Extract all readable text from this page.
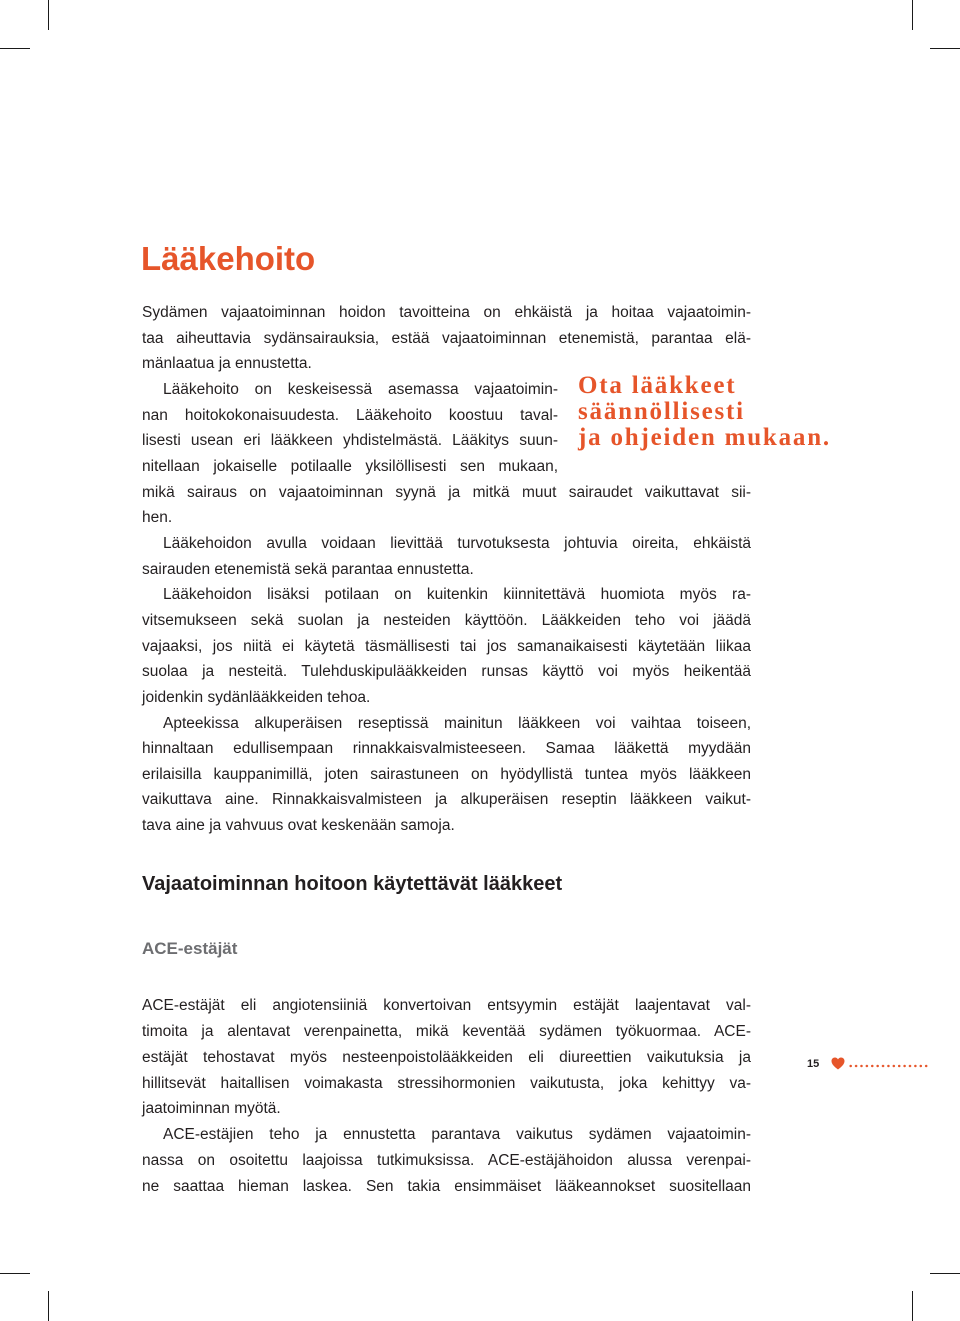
Lääkehoito
Sydämen vajaatoiminnan hoidon tavoitteina on ehkäistä ja hoitaa vajaatoimin-
taa aiheuttavia sydänsairauksia, estää vajaatoiminnan etenemistä, parantaa elä-
mänlaatua ja ennustetta.
Lääkehoito on keskeisessä asemassa vajaatoimin-
nan hoitokokonaisuudesta. Lääkehoito koostuu taval-
lisesti usean eri lääkkeen yhdistelmästä. Lääkitys suun-
nitellaan jokaiselle potilaalle yksilöllisesti sen mukaan,
mikä sairaus on vajaatoiminnan syynä ja mitkä muut sairaudet vaikuttavat sii-
hen.
Lääkehoidon avulla voidaan lievittää turvotuksesta johtuvia oireita, ehkäistä
sairauden etenemistä sekä parantaa ennustetta.
Lääkehoidon lisäksi potilaan on kuitenkin kiinnitettävä huomiota myös ra-
vitsemukseen sekä suolan ja nesteiden käyttöön. Lääkkeiden teho voi jäädä
vajaaksi, jos niitä ei käytetä täsmällisesti tai jos samanaikaisesti käytetään liikaa
suolaa ja nesteitä. Tulehduskipulääkkeiden runsas käyttö voi myös heikentää
joidenkin sydänlääkkeiden tehoa.
Apteekissa alkuperäisen reseptissä mainitun lääkkeen voi vaihtaa toiseen,
hinnaltaan edullisempaan rinnakkaisvalmisteeseen. Samaa lääkettä myydään
erilaisilla kauppanimillä, joten sairastuneen on hyödyllistä tuntea myös lääkkeen
vaikuttava aine. Rinnakkaisvalmisteen ja alkuperäisen reseptin lääkkeen vaikut-
tava aine ja vahvuus ovat keskenään samoja.
Ota lääkkeet
säännöllisesti
ja ohjeiden mukaan.
Vajaatoiminnan hoitoon käytettävät lääkkeet
ACE-estäjät
ACE-estäjät eli angiotensiiniä konvertoivan entsyymin estäjät laajentavat val-
timoita ja alentavat verenpainetta, mikä keventää sydämen työkuormaa. ACE-
estäjät tehostavat myös nesteenpoistolääkkeiden eli diureettien vaikutuksia ja
hillitsevät haitallisen voimakasta stressihormonien vaikutusta, joka kehittyy va-
jaatoiminnan myötä.
ACE-estäjien teho ja ennustetta parantava vaikutus sydämen vajaatoimin-
nassa on osoitettu laajoissa tutkimuksissa. ACE-estäjähoidon alussa verenpai-
ne saattaa hieman laskea. Sen takia ensimmäiset lääkeannokset suositellaan
15
